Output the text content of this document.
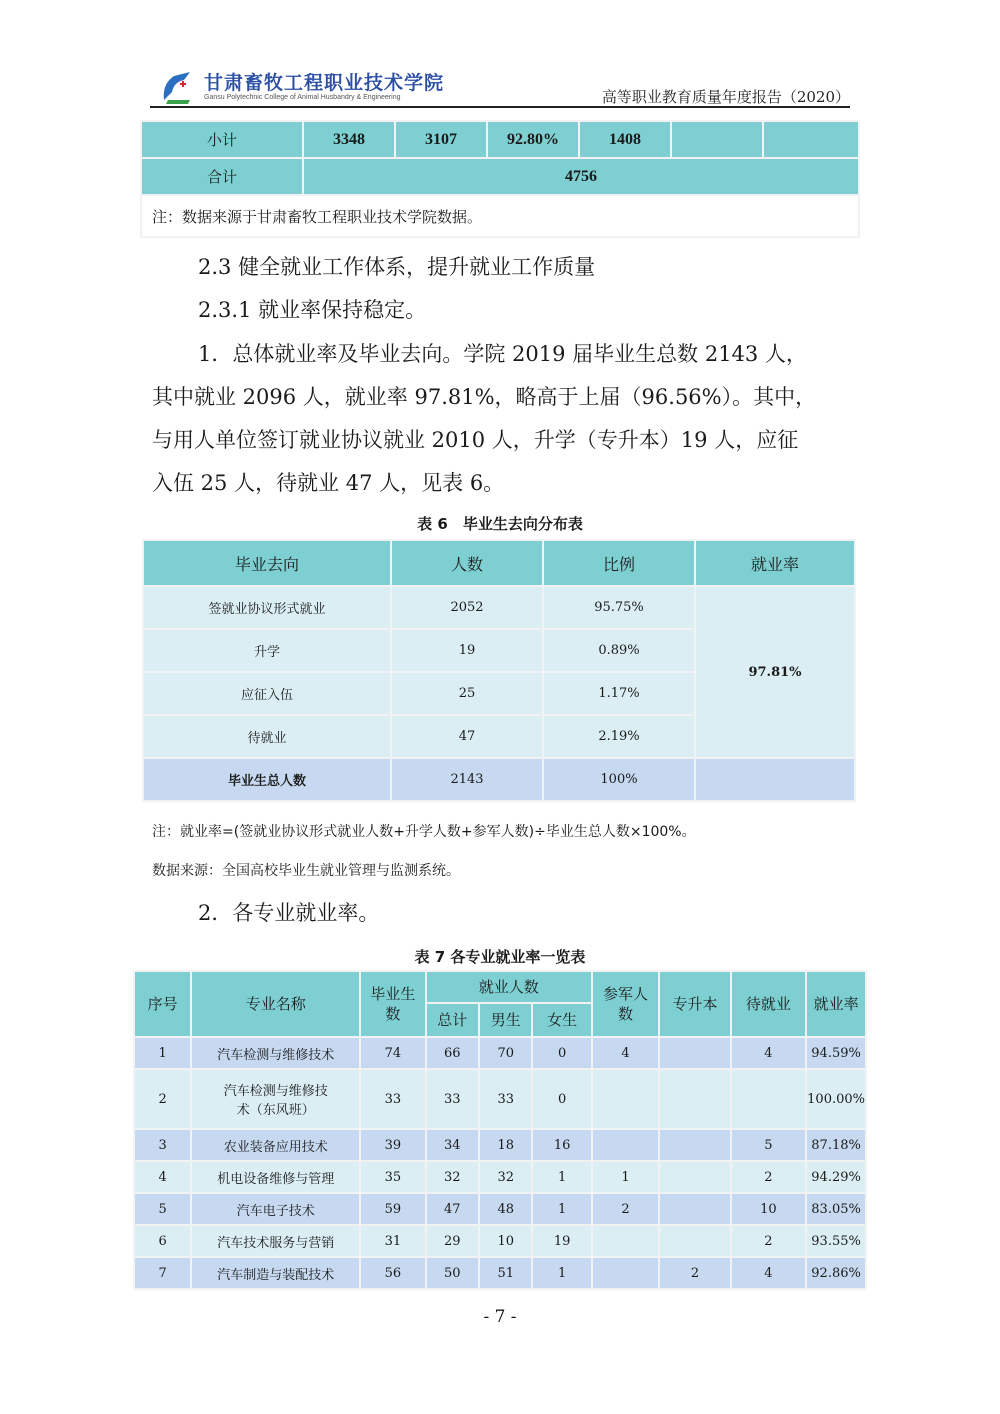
甘肃畜牧工程职业技术学院
Gansu Polytechnic College of Animal Husbandry & Engineering	高等职业教育质量年度报告（2020）
小计	3348	3107	92.80%	1408		
合计	4756					
注：数据来源于甘肃畜牧工程职业技术学院数据。						
2.3 健全就业工作体系，提升就业工作质量
2.3.1 就业率保持稳定。
1．总体就业率及毕业去向。学院 2019 届毕业生总数 2143 人，
其中就业 2096 人，就业率 97.81%，略高于上届（96.56%）。其中，
与用人单位签订就业协议就业 2010 人，升学（专升本）19 人，应征
入伍 25 人，待就业 47 人，见表 6。
表 6　毕业生去向分布表
毕业去向	人数	比例	就业率
签就业协议形式就业	2052	95.75%	97.81%
升学	19	0.89%	
应征入伍	25	1.17%	
待就业	47	2.19%	
毕业生总人数	2143	100%	
注：就业率=(签就业协议形式就业人数+升学人数+参军人数)÷毕业生总人数×100%。
数据来源：全国高校毕业生就业管理与监测系统。
2．各专业就业率。
表 7 各专业就业率一览表
序号	专业名称	毕业生数	就业人数			参军人数	专升本	待就业	就业率
			总计	男生	女生				
1	汽车检测与维修技术	74	66	70	0	4		4	94.59%
2	汽车检测与维修技术（东风班）	33	33	33	0				100.00%
3	农业装备应用技术	39	34	18	16			5	87.18%
4	机电设备维修与管理	35	32	32	1	1		2	94.29%
5	汽车电子技术	59	47	48	1	2		10	83.05%
6	汽车技术服务与营销	31	29	10	19			2	93.55%
7	汽车制造与装配技术	56	50	51	1		2	4	92.86%
- 7 -
